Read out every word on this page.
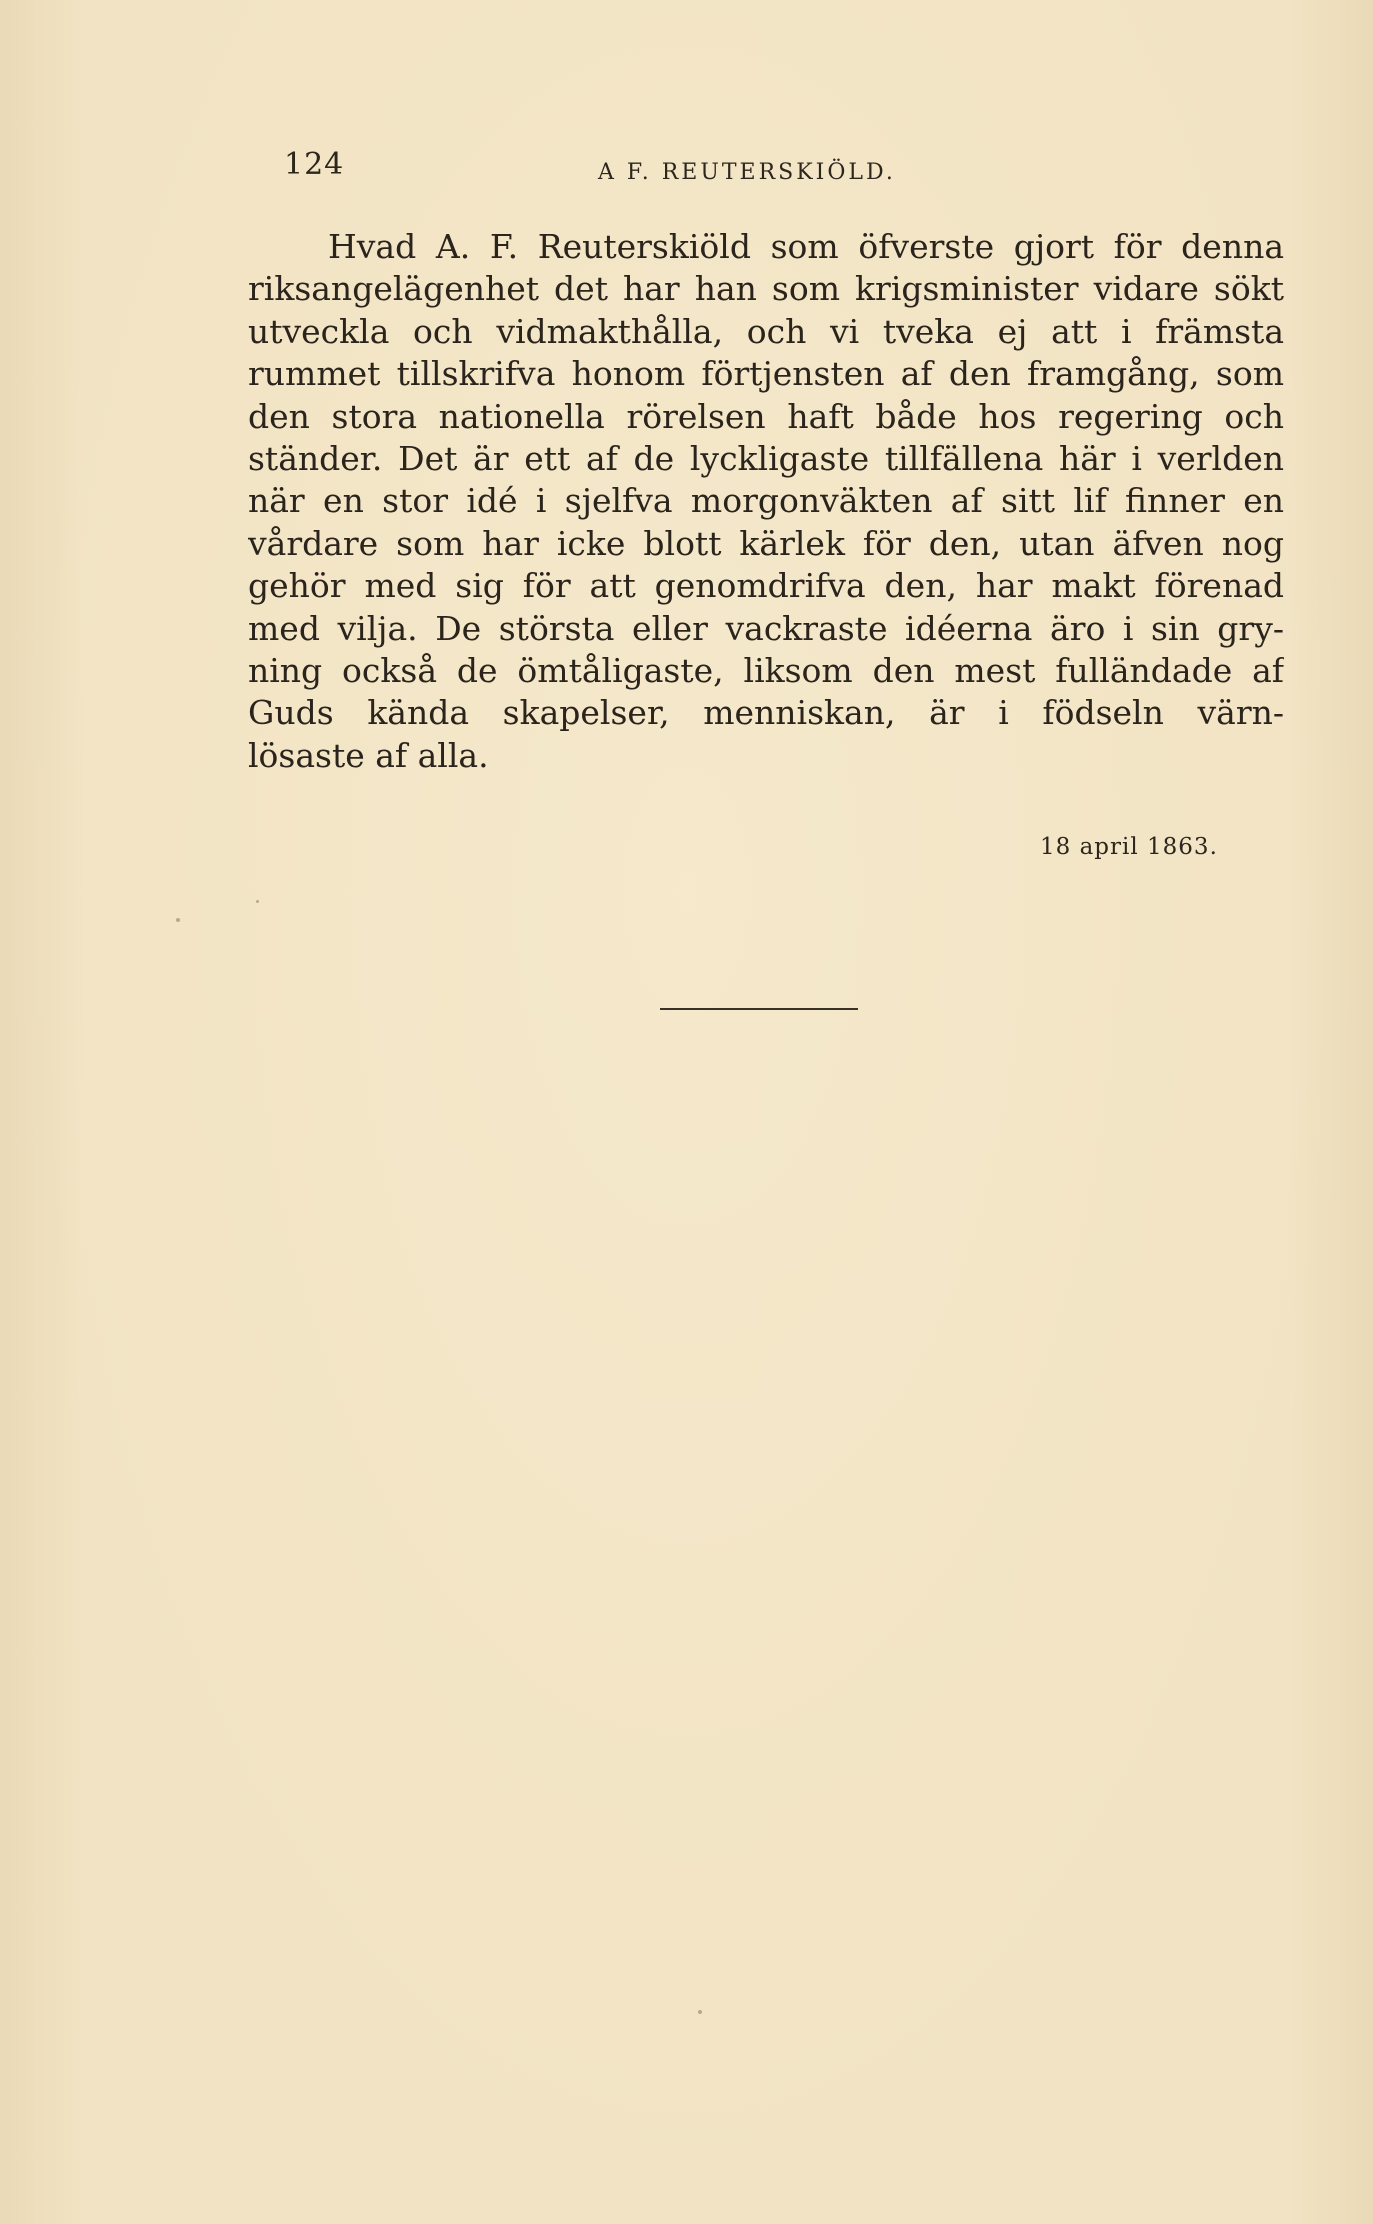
124	A F. REUTERSKIÖLD.
Hvad A. F. Reuterskiöld som öfverste gjort för denna
riksangelägenhet det har han som krigsminister vidare sökt
utveckla och vidmakthålla, och vi tveka ej att i främsta
rummet tillskrifva honom förtjensten af den framgång, som
den stora nationella rörelsen haft både hos regering och
ständer. Det är ett af de lyckligaste tillfällena här i verlden
när en stor idé i sjelfva morgonväkten af sitt lif finner en
vårdare som har icke blott kärlek för den, utan äfven nog
gehör med sig för att genomdrifva den, har makt förenad
med vilja. De största eller vackraste idéerna äro i sin gry-
ning också de ömtåligaste, liksom den mest fulländade af
Guds kända skapelser, menniskan, är i födseln värn-
lösaste af alla.
18 april 1863.
